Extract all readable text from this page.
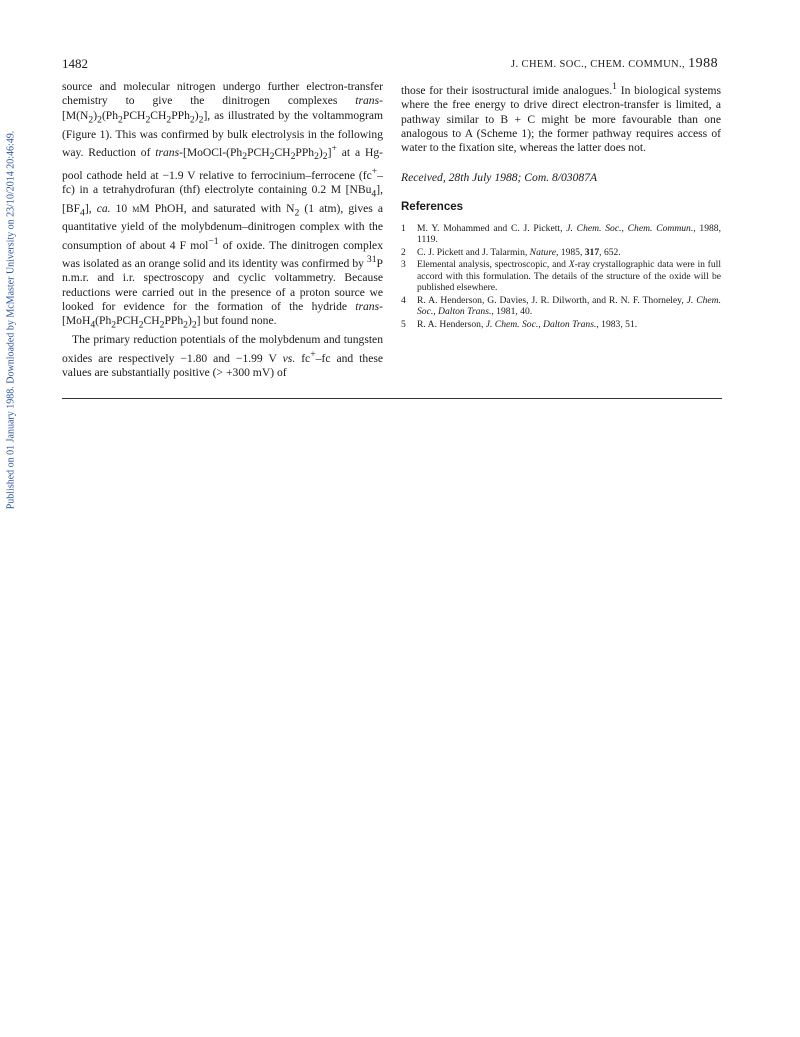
Published on 01 January 1988. Downloaded by McMaster University on 23/10/2014 20:46:49.
1482	J. CHEM. SOC., CHEM. COMMUN., 1988

source and molecular nitrogen undergo further electron-transfer chemistry to give the dinitrogen complexes trans-$[M(N_2)_2(Ph_2PCH_2CH_2PPh_2)_2]$, as illustrated by the voltammogram (Figure 1). This was confirmed by bulk electrolysis in the following way. Reduction of trans-$[MoOCl-(Ph_2PCH_2CH_2PPh_2)_2]^+$ at a Hg-pool cathode held at −1.9 V relative to ferrocinium–ferrocene (fc+–fc) in a tetrahydrofuran (thf) electrolyte containing 0.2 M [NBu$_4$], $[BF_4]$, ca. 10 mM PhOH, and saturated with $N_2$ (1 atm), gives a quantitative yield of the molybdenum–dinitrogen complex with the consumption of about 4 F mol$^{-1}$ of oxide. The dinitrogen complex was isolated as an orange solid and its identity was confirmed by $^{31}$P n.m.r. and i.r. spectroscopy and cyclic voltammetry. Because reductions were carried out in the presence of a proton source we looked for evidence for the formation of the hydride trans-$[MoH_4(Ph_2PCH_2CH_2PPh_2)_2]$ but found none.

The primary reduction potentials of the molybdenum and tungsten oxides are respectively −1.80 and −1.99 V vs. fc+–fc and these values are substantially positive (> +300 mV) of

those for their isostructural imide analogues.$^1$ In biological systems where the free energy to drive direct electron-transfer is limited, a pathway similar to B + C might be more favourable than one analogous to A (Scheme 1); the former pathway requires access of water to the fixation site, whereas the latter does not.

Received, 28th July 1988; Com. 8/03087A

References
1 M. Y. Mohammed and C. J. Pickett, J. Chem. Soc., Chem. Commun., 1988, 1119.
2 C. J. Pickett and J. Talarmin, Nature, 1985, 317, 652.
3 Elemental analysis, spectroscopic, and X-ray crystallographic data were in full accord with this formulation. The details of the structure of the oxide will be published elsewhere.
4 R. A. Henderson, G. Davies, J. R. Dilworth, and R. N. F. Thorneley, J. Chem. Soc., Dalton Trans., 1981, 40.
5 R. A. Henderson, J. Chem. Soc., Dalton Trans., 1983, 51.
